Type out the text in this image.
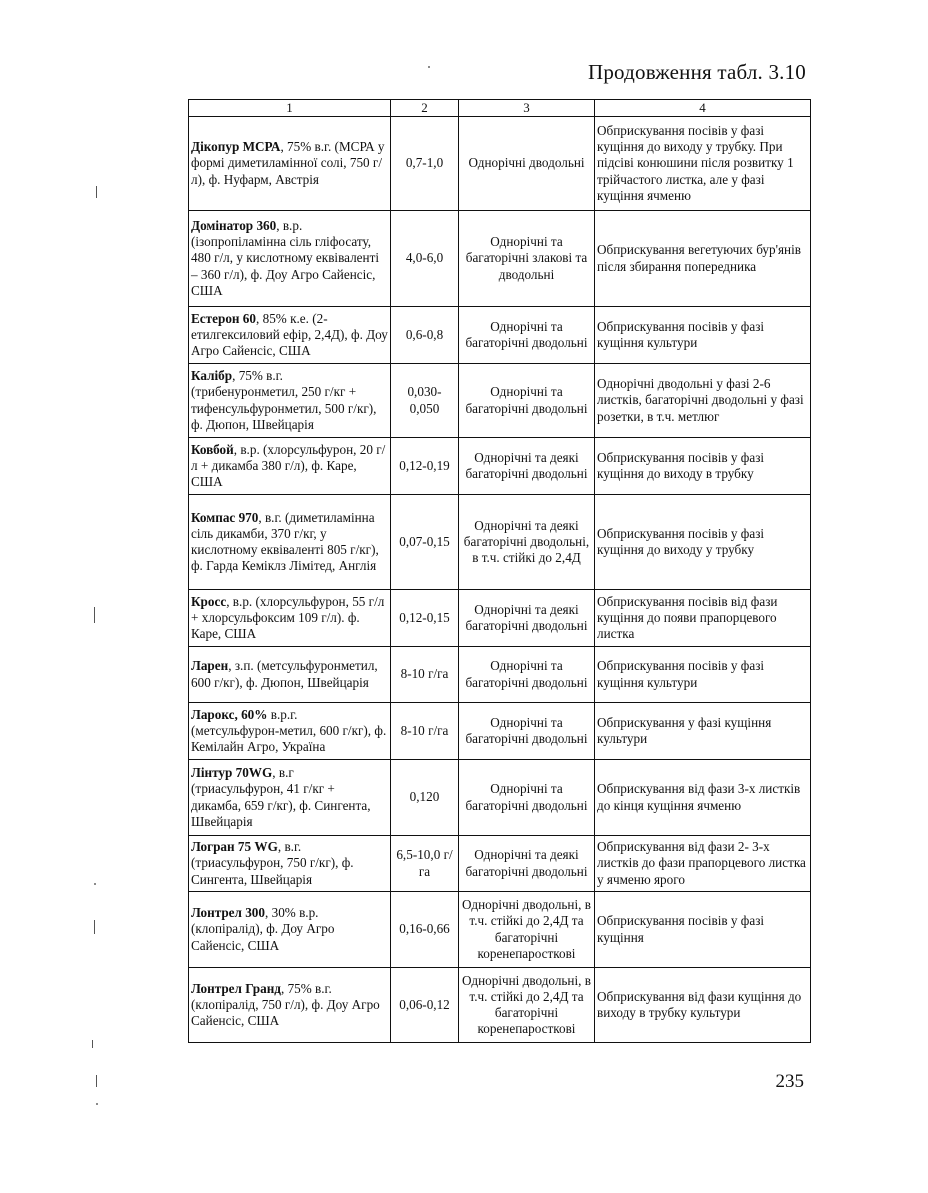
Продовження табл. 3.10
1	2	3	4
Дікопур МСРА, 75% в.г. (МСРА у формі диметиламінної солі, 750 г/л), ф. Нуфарм, Австрія	0,7-1,0	Однорічні дводольні	Обприскування посівів у фазі кущіння до виходу у трубку. При підсіві конюшини після розвитку 1 трійчастого листка, але у фазі кущіння ячменю
Домінатор 360, в.р. (ізопропіламінна сіль гліфосату, 480 г/л, у кислотному еквіваленті – 360 г/л), ф. Доу Агро Сайенсіс, США	4,0-6,0	Однорічні та багаторічні злакові та дводольні	Обприскування вегетуючих бур'янів після збирання попередника
Естерон 60, 85% к.е. (2-етилгексиловий ефір, 2,4Д), ф. Доу Агро Сайенсіс, США	0,6-0,8	Однорічні та багаторічні дводольні	Обприскування посівів у фазі кущіння культури
Калібр, 75% в.г. (трибенуронметил, 250 г/кг + тифенсульфуронметил, 500 г/кг), ф. Дюпон, Швейцарія	0,030-0,050	Однорічні та багаторічні дводольні	Однорічні дводольні у фазі 2-6 листків, багаторічні дводольні у фазі розетки, в т.ч. метлюг
Ковбой, в.р. (хлорсульфурон, 20 г/л + дикамба 380 г/л), ф. Каре, США	0,12-0,19	Однорічні та деякі багаторічні дводольні	Обприскування посівів у фазі кущіння до виходу в трубку
Компас 970, в.г. (диметиламінна сіль дикамби, 370 г/кг, у кислотному еквіваленті 805 г/кг), ф. Гарда Кеміклз Лімітед, Англія	0,07-0,15	Однорічні та деякі багаторічні дводольні, в т.ч. стійкі до 2,4Д	Обприскування посівів у фазі кущіння до виходу у трубку
Кросс, в.р. (хлорсульфурон, 55 г/л + хлорсульфоксим 109 г/л). ф. Каре, США	0,12-0,15	Однорічні та деякі багаторічні дводольні	Обприскування посівів від фази кущіння до появи прапорцевого листка
Ларен, з.п. (метсульфуронметил, 600 г/кг), ф. Дюпон, Швейцарія	8-10 г/га	Однорічні та багаторічні дводольні	Обприскування посівів у фазі кущіння культури
Ларокс, 60% в.р.г. (метсульфурон-метил, 600 г/кг), ф. Кемілайн Агро, Україна	8-10 г/га	Однорічні та багаторічні дводольні	Обприскування у фазі кущіння культури
Лінтур 70WG, в.г (триасульфурон, 41 г/кг + дикамба, 659 г/кг), ф. Сингента, Швейцарія	0,120	Однорічні та багаторічні дводольні	Обприскування від фази 3-х листків до кінця кущіння ячменю
Логран 75 WG, в.г. (триасульфурон, 750 г/кг), ф. Сингента, Швейцарія	6,5-10,0 г/га	Однорічні та деякі багаторічні дводольні	Обприскування від фази 2- 3-х листків до фази прапорцевого листка у ячменю ярого
Лонтрел 300, 30% в.р. (клопіралід), ф. Доу Агро Сайенсіс, США	0,16-0,66	Однорічні дводольні, в т.ч. стійкі до 2,4Д та багаторічні коренепаросткові	Обприскування посівів у фазі кущіння
Лонтрел Гранд, 75% в.г. (клопіралід, 750 г/л), ф. Доу Агро Сайенсіс, США	0,06-0,12	Однорічні дводольні, в т.ч. стійкі до 2,4Д та багаторічні коренепаросткові	Обприскування від фази кущіння до виходу в трубку культури
235
